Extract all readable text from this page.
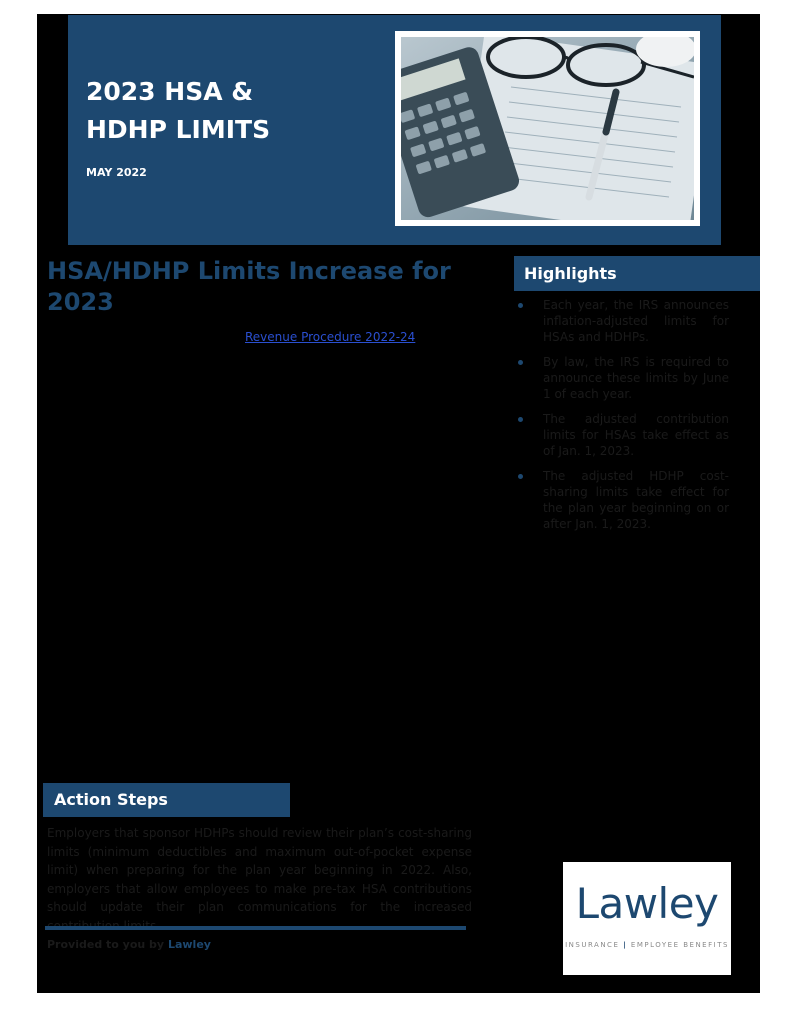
2023 HSA &
HDHP LIMITS
MAY 2022
HSA/HDHP Limits Increase for
2023
Revenue Procedure 2022-24
Highlights
Each year, the IRS announces inflation-adjusted limits for HSAs and HDHPs.
By law, the IRS is required to announce these limits by June 1 of each year.
The adjusted contribution limits for HSAs take effect as of Jan. 1, 2023.
The adjusted HDHP cost-sharing limits take effect for the plan year beginning on or after Jan. 1, 2023.
Action Steps

Employers that sponsor HDHPs should review their plan’s cost-sharing limits (minimum deductibles and maximum out-of-pocket expense limit) when preparing for the plan year beginning in 2022. Also, employers that allow employees to make pre-tax HSA contributions should update their plan communications for the increased

Provided to you by Lawley
Lawley
INSURANCE | EMPLOYEE BENEFITS
